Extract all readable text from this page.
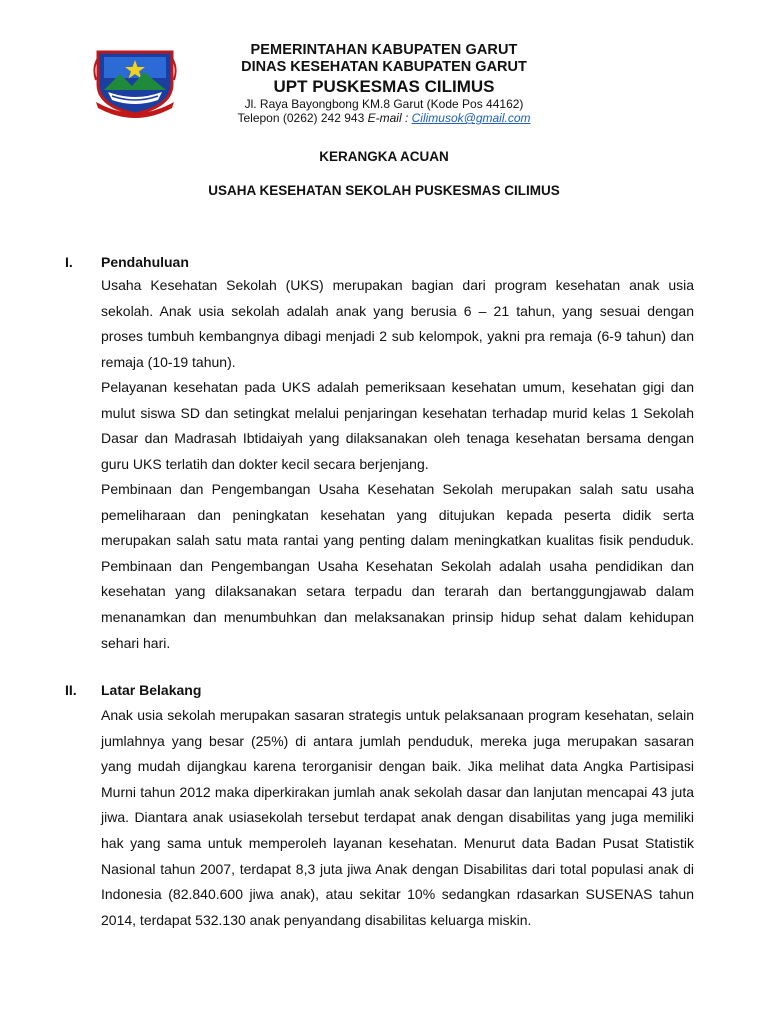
PEMERINTAHAN KABUPATEN GARUT
DINAS KESEHATAN KABUPATEN GARUT
UPT PUSKESMAS CILIMUS
Jl. Raya Bayongbong KM.8 Garut (Kode Pos 44162)
Telepon (0262) 242 943 E-mail : Cilimusok@gmail.com
KERANGKA ACUAN
USAHA KESEHATAN SEKOLAH PUSKESMAS CILIMUS
I. Pendahuluan
Usaha Kesehatan Sekolah (UKS) merupakan bagian dari program kesehatan anak usia sekolah. Anak usia sekolah adalah anak yang berusia 6 – 21 tahun, yang sesuai dengan proses tumbuh kembangnya dibagi menjadi 2 sub kelompok, yakni pra remaja (6-9 tahun) dan remaja (10-19 tahun).
Pelayanan kesehatan pada UKS adalah pemeriksaan kesehatan umum, kesehatan gigi dan mulut siswa SD dan setingkat melalui penjaringan kesehatan terhadap murid kelas 1 Sekolah Dasar dan Madrasah Ibtidaiyah yang dilaksanakan oleh tenaga kesehatan bersama dengan guru UKS terlatih dan dokter kecil secara berjenjang.
Pembinaan dan Pengembangan Usaha Kesehatan Sekolah merupakan salah satu usaha pemeliharaan dan peningkatan kesehatan yang ditujukan kepada peserta didik serta merupakan salah satu mata rantai yang penting dalam meningkatkan kualitas fisik penduduk. Pembinaan dan Pengembangan Usaha Kesehatan Sekolah adalah usaha pendidikan dan kesehatan yang dilaksanakan setara terpadu dan terarah dan bertanggungjawab dalam menanamkan dan menumbuhkan dan melaksanakan prinsip hidup sehat dalam kehidupan sehari hari.
II. Latar Belakang
Anak usia sekolah merupakan sasaran strategis untuk pelaksanaan program kesehatan, selain jumlahnya yang besar (25%) di antara jumlah penduduk, mereka juga merupakan sasaran yang mudah dijangkau karena terorganisir dengan baik. Jika melihat data Angka Partisipasi Murni tahun 2012 maka diperkirakan jumlah anak sekolah dasar dan lanjutan mencapai 43 juta jiwa. Diantara anak usiasekolah tersebut terdapat anak dengan disabilitas yang juga memiliki hak yang sama untuk memperoleh layanan kesehatan. Menurut data Badan Pusat Statistik Nasional tahun 2007, terdapat 8,3 juta jiwa Anak dengan Disabilitas dari total populasi anak di Indonesia (82.840.600 jiwa anak), atau sekitar 10% sedangkan rdasarkan SUSENAS tahun 2014, terdapat 532.130 anak penyandang disabilitas keluarga miskin.
